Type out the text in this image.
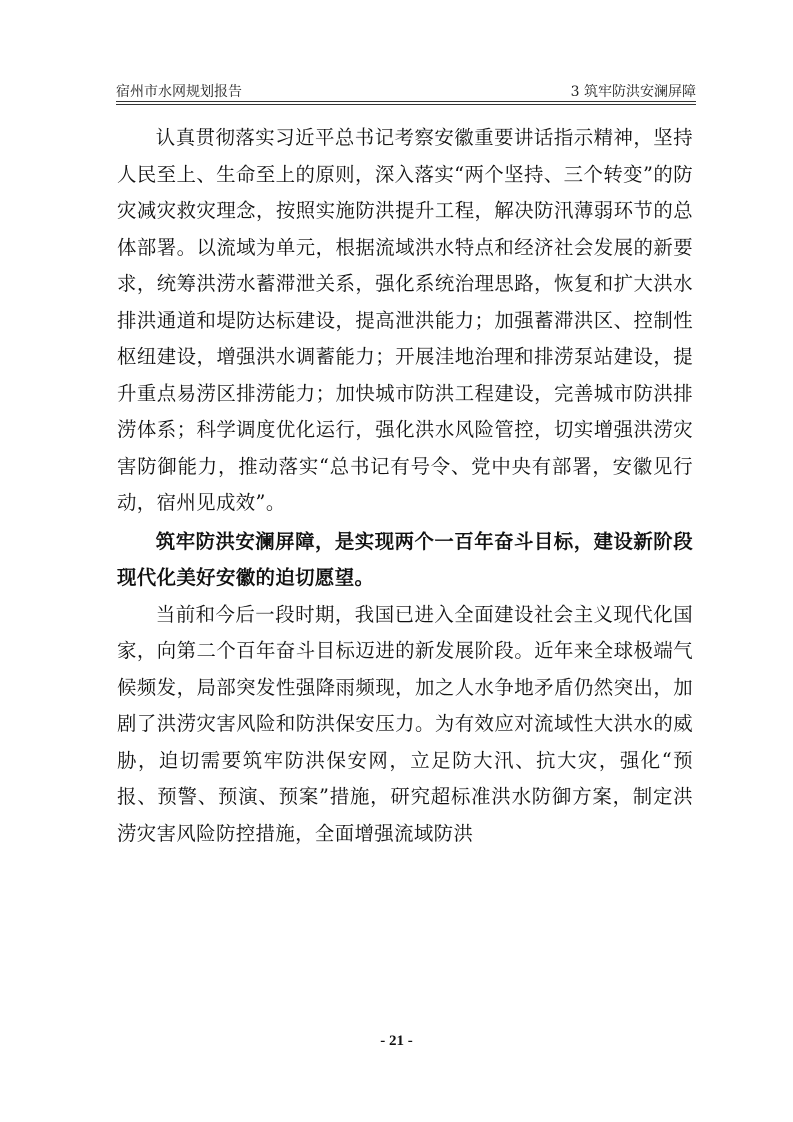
宿州市水网规划报告	3 筑牢防洪安澜屏障

认真贯彻落实习近平总书记考察安徽重要讲话指示精神，坚持人民至上、生命至上的原则，深入落实“两个坚持、三个转变”的防灾减灾救灾理念，按照实施防洪提升工程，解决防汛薄弱环节的总体部署。以流域为单元，根据流域洪水特点和经济社会发展的新要求，统筹洪涝水蓄滞泄关系，强化系统治理思路，恢复和扩大洪水排洪通道和堤防达标建设，提高泄洪能力；加强蓄滞洪区、控制性枢纽建设，增强洪水调蓄能力；开展洼地治理和排涝泵站建设，提升重点易涝区排涝能力；加快城市防洪工程建设，完善城市防洪排涝体系；科学调度优化运行，强化洪水风险管控，切实增强洪涝灾害防御能力，推动落实“总书记有号令、党中央有部署，安徽见行动，宿州见成效”。

筑牢防洪安澜屏障，是实现两个一百年奋斗目标，建设新阶段现代化美好安徽的迫切愿望。

当前和今后一段时期，我国已进入全面建设社会主义现代化国家，向第二个百年奋斗目标迈进的新发展阶段。近年来全球极端气候频发，局部突发性强降雨频现，加之人水争地矛盾仍然突出，加剧了洪涝灾害风险和防洪保安压力。为有效应对流域性大洪水的威胁，迫切需要筑牢防洪保安网，立足防大汛、抗大灾，强化“预报、预警、预演、预案”措施，研究超标准洪水防御方案，制定洪涝灾害风险防控措施，全面增强流域防洪

- 21 -
